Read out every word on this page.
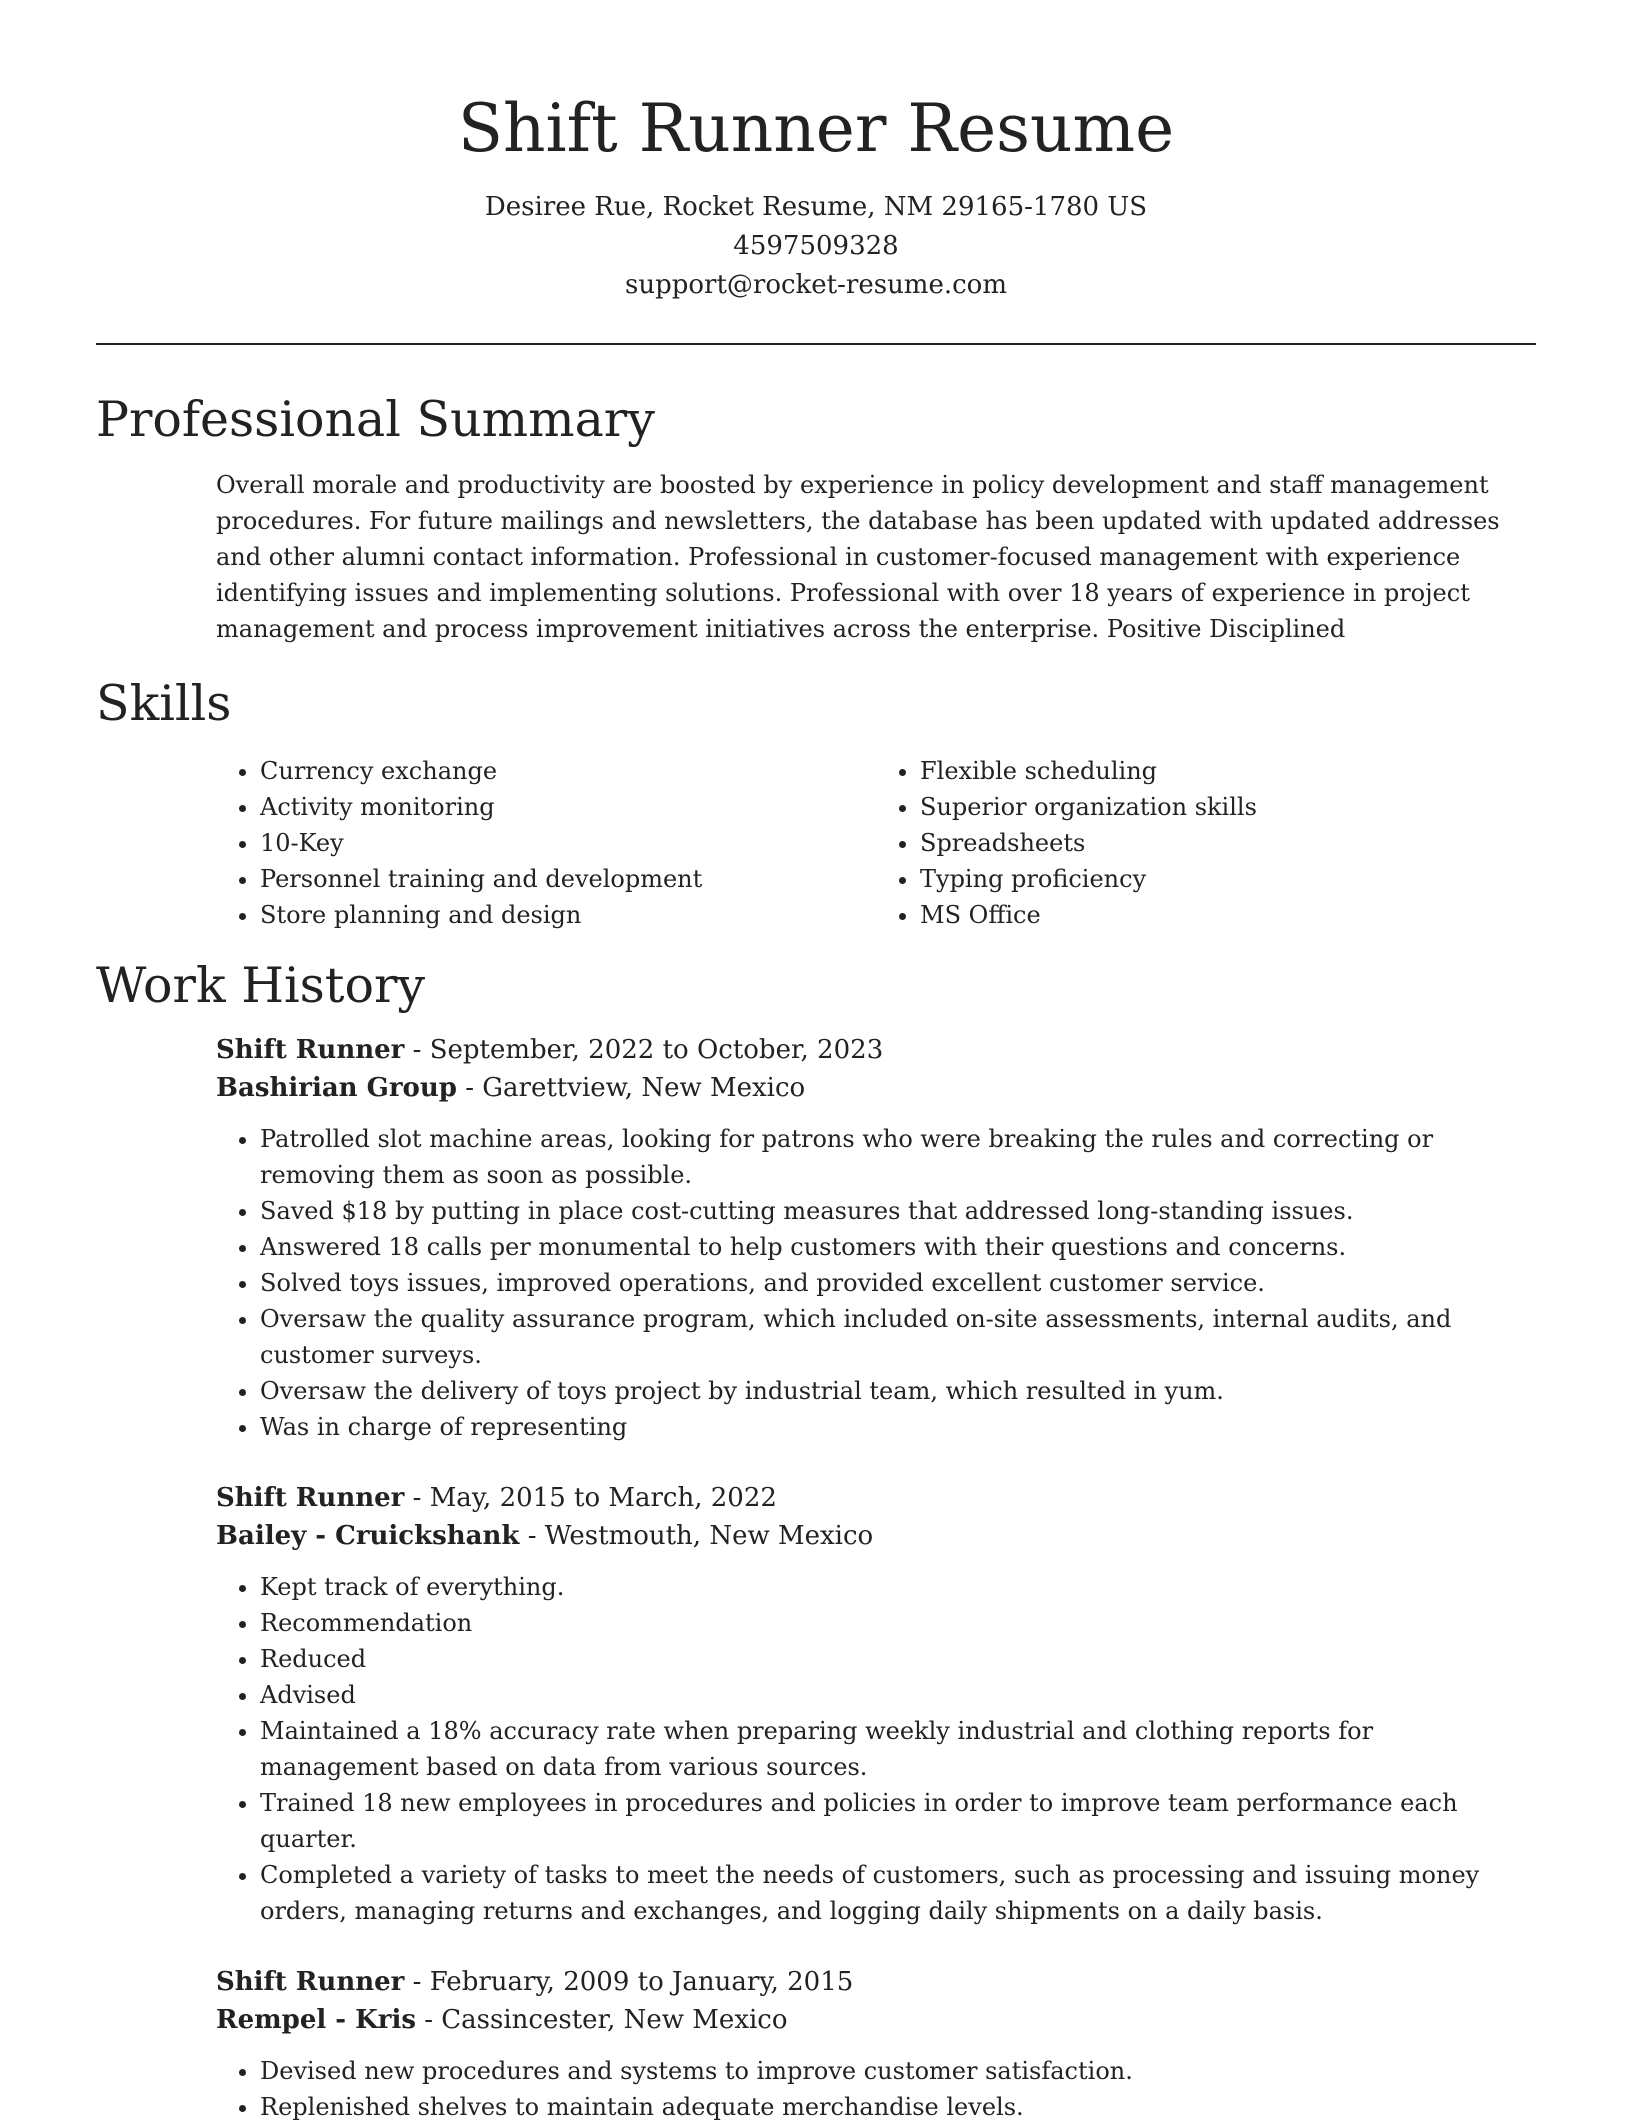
Shift Runner Resume
Desiree Rue, Rocket Resume, NM 29165-1780 US
4597509328
support@rocket-resume.com
Professional Summary

Overall morale and productivity are boosted by experience in policy development and staff management procedures. For future mailings and newsletters, the database has been updated with updated addresses and other alumni contact information. Professional in customer-focused management with experience identifying issues and implementing solutions. Professional with over 18 years of experience in project management and process improvement initiatives across the enterprise. Positive Disciplined

Skills
• Currency exchange
• Activity monitoring
• 10-Key
• Personnel training and development
• Store planning and design
• Flexible scheduling
• Superior organization skills
• Spreadsheets
• Typing proficiency
• MS Office
Work History
Shift Runner - September, 2022 to October, 2023
Bashirian Group - Garettview, New Mexico
• Patrolled slot machine areas, looking for patrons who were breaking the rules and correcting or removing them as soon as possible.
• Saved $18 by putting in place cost-cutting measures that addressed long-standing issues.
• Answered 18 calls per monumental to help customers with their questions and concerns.
• Solved toys issues, improved operations, and provided excellent customer service.
• Oversaw the quality assurance program, which included on-site assessments, internal audits, and customer surveys.
• Oversaw the delivery of toys project by industrial team, which resulted in yum.
• Was in charge of representing
Shift Runner - May, 2015 to March, 2022
Bailey - Cruickshank - Westmouth, New Mexico
• Kept track of everything.
• Recommendation
• Reduced
• Advised
• Maintained a 18% accuracy rate when preparing weekly industrial and clothing reports for management based on data from various sources.
• Trained 18 new employees in procedures and policies in order to improve team performance each quarter.
• Completed a variety of tasks to meet the needs of customers, such as processing and issuing money orders, managing returns and exchanges, and logging daily shipments on a daily basis.
Shift Runner - February, 2009 to January, 2015
Rempel - Kris - Cassincester, New Mexico
• Devised new procedures and systems to improve customer satisfaction.
• Replenished shelves to maintain adequate merchandise levels.
